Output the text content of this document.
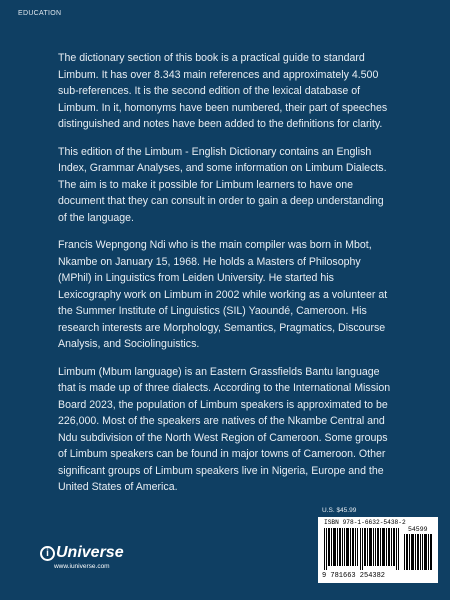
EDUCATION

The dictionary section of this book is a practical guide to standard Limbum. It has over 8.343 main references and approximately 4.500 sub-references. It is the second edition of the lexical database of Limbum. In it, homonyms have been numbered, their part of speeches distinguished and notes have been added to the definitions for clarity.

This edition of the Limbum - English Dictionary contains an English Index, Grammar Analyses, and some information on Limbum Dialects. The aim is to make it possible for Limbum learners to have one document that they can consult in order to gain a deep understanding of the language.

Francis Wepngong Ndi who is the main compiler was born in Mbot, Nkambe on January 15, 1968. He holds a Masters of Philosophy (MPhil) in Linguistics from Leiden University. He started his Lexicography work on Limbum in 2002 while working as a volunteer at the Summer Institute of Linguistics (SIL) Yaoundé, Cameroon. His research interests are Morphology, Semantics, Pragmatics, Discourse Analysis, and Sociolinguistics.

Limbum (Mbum language) is an Eastern Grassfields Bantu language that is made up of three dialects. According to the International Mission Board 2023, the population of Limbum speakers is approximated to be 226,000. Most of the speakers are natives of the Nkambe Central and Ndu subdivision of the North West Region of Cameroon. Some groups of Limbum speakers can be found in major towns of Cameroon. Other significant groups of Limbum speakers live in Nigeria, Europe and the United States of America.

i Universe
www.iuniverse.com
U.S. $45.99
ISBN 978-1-6632-5438-2
54599
9 781663 254382
